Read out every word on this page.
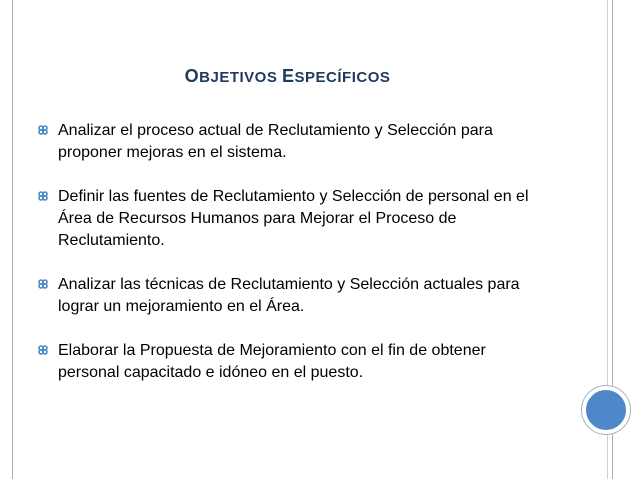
OBJETIVOS ESPECÍFICOS
Analizar el proceso actual de Reclutamiento y Selección para proponer mejoras en el sistema.
Definir las fuentes de Reclutamiento y Selección de personal en el Área de Recursos Humanos para Mejorar el Proceso de Reclutamiento.
Analizar las técnicas de Reclutamiento y Selección actuales para lograr un mejoramiento en el Área.
Elaborar la Propuesta de Mejoramiento con el fin de obtener personal capacitado e idóneo en el puesto.
